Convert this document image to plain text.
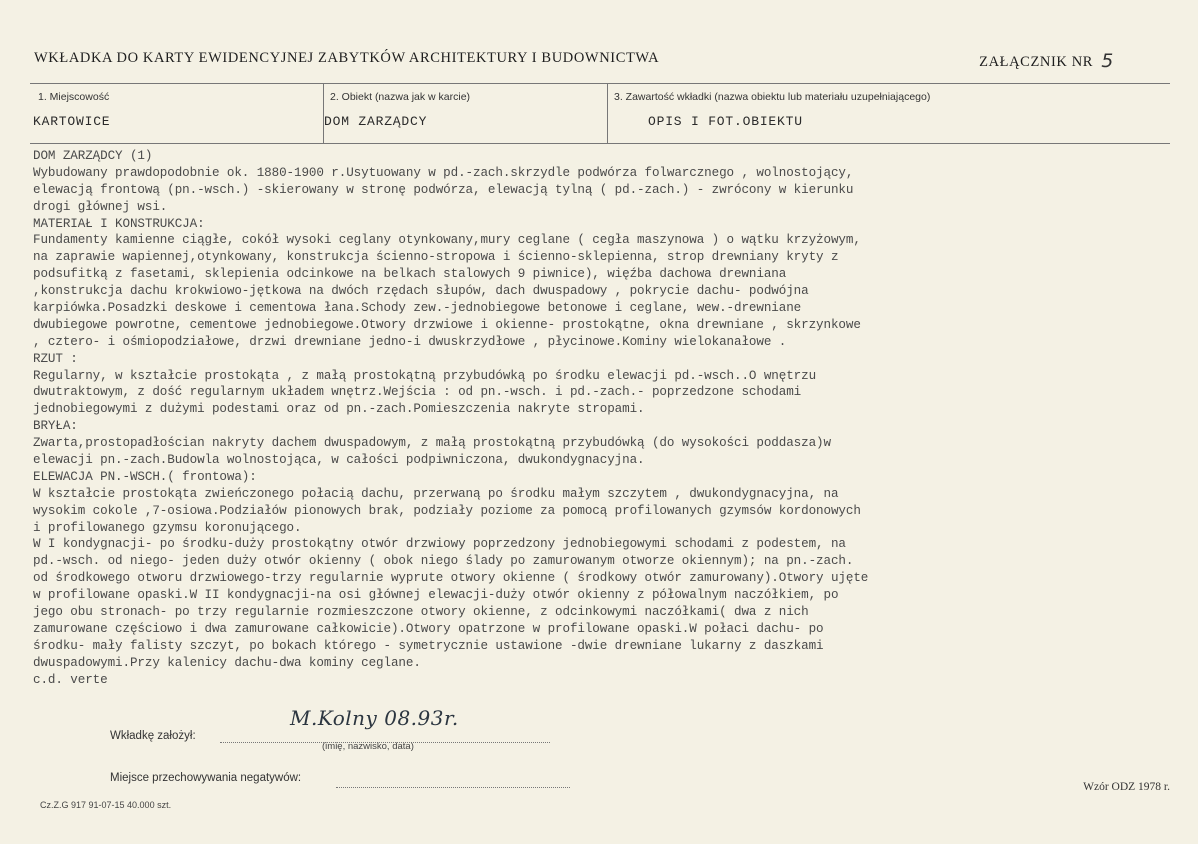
WKŁADKA DO KARTY EWIDENCYJNEJ ZABYTKÓW ARCHITEKTURY I BUDOWNICTWA	ZAŁĄCZNIK NR 5
1. Miejscowość
KARTOWICE
2. Obiekt (nazwa jak w karcie)
DOM ZARZĄDCY
3. Zawartość wkładki (nazwa obiektu lub materiału uzupełniającego)
OPIS I FOT.OBIEKTU
DOM ZARZĄDCY (1)
Wybudowany prawdopodobnie ok. 1880-1900 r.Usytuowany w pd.-zach.skrzydle podwórza folwarcznego , wolnostojący,
elewacją frontową (pn.-wsch.) -skierowany w stronę podwórza, elewacją tylną ( pd.-zach.) - zwrócony w kierunku
drogi głównej wsi.
MATERIAŁ I KONSTRUKCJA:
Fundamenty kamienne ciągłe, cokół wysoki ceglany otynkowany,mury ceglane ( cegła maszynowa ) o wątku krzyżowym,
na zaprawie wapiennej,otynkowany, konstrukcja ścienno-stropowa i ścienno-sklepienna, strop drewniany kryty z
podsufitką z fasetami, sklepienia odcinkowe na belkach stalowych 9 piwnice), więźba dachowa drewniana
,konstrukcja dachu krokwiowo-jętkowa na dwóch rzędach słupów, dach dwuspadowy , pokrycie dachu- podwójna
karpiówka.Posadzki deskowe i cementowa łana.Schody zew.-jednobiegowe betonowe i ceglane, wew.-drewniane
dwubiegowe powrotne, cementowe jednobiegowe.Otwory drzwiowe i okienne- prostokątne, okna drewniane , skrzynkowe
, cztero- i ośmiopodziałowe, drzwi drewniane jedno-i dwuskrzydłowe , płycinowe.Kominy wielokanałowe .
RZUT :
Regularny, w kształcie prostokąta , z małą prostokątną przybudówką po środku elewacji pd.-wsch..O wnętrzu
dwutraktowym, z dość regularnym układem wnętrz.Wejścia : od pn.-wsch. i pd.-zach.- poprzedzone schodami
jednobiegowymi z dużymi podestami oraz od pn.-zach.Pomieszczenia nakryte stropami.
BRYŁA:
Zwarta,prostopadłościan nakryty dachem dwuspadowym, z małą prostokątną przybudówką (do wysokości poddasza)w
elewacji pn.-zach.Budowla wolnostojąca, w całości podpiwniczona, dwukondygnacyjna.
ELEWACJA PN.-WSCH.( frontowa):
W kształcie prostokąta zwieńczonego połacią dachu, przerwaną po środku małym szczytem , dwukondygnacyjna, na
wysokim cokole ,7-osiowa.Podziałów pionowych brak, podziały poziome za pomocą profilowanych gzymsów kordonowych
i profilowanego gzymsu koronującego.
W I kondygnacji- po środku-duży prostokątny otwór drzwiowy poprzedzony jednobiegowymi schodami z podestem, na
pd.-wsch. od niego- jeden duży otwór okienny ( obok niego ślady po zamurowanym otworze okiennym); na pn.-zach.
od środkowego otworu drzwiowego-trzy regularnie wyprute otwory okienne ( środkowy otwór zamurowany).Otwory ujęte
w profilowane opaski.W II kondygnacji-na osi głównej elewacji-duży otwór okienny z półowalnym naczółkiem, po
jego obu stronach- po trzy regularnie rozmieszczone otwory okienne, z odcinkowymi naczółkami( dwa z nich
zamurowane częściowo i dwa zamurowane całkowicie).Otwory opatrzone w profilowane opaski.W połaci dachu- po
środku- mały falisty szczyt, po bokach którego - symetrycznie ustawione -dwie drewniane lukarny z daszkami
dwuspadowymi.Przy kalenicy dachu-dwa kominy ceglane.
c.d. verte
M.Kolny 08.93r.
Wkładkę założył:
(imię, nazwisko, data)
Miejsce przechowywania negatywów:
Cz.Z.G 917 91-07-15 40.000 szt.
Wzór ODZ 1978 r.
